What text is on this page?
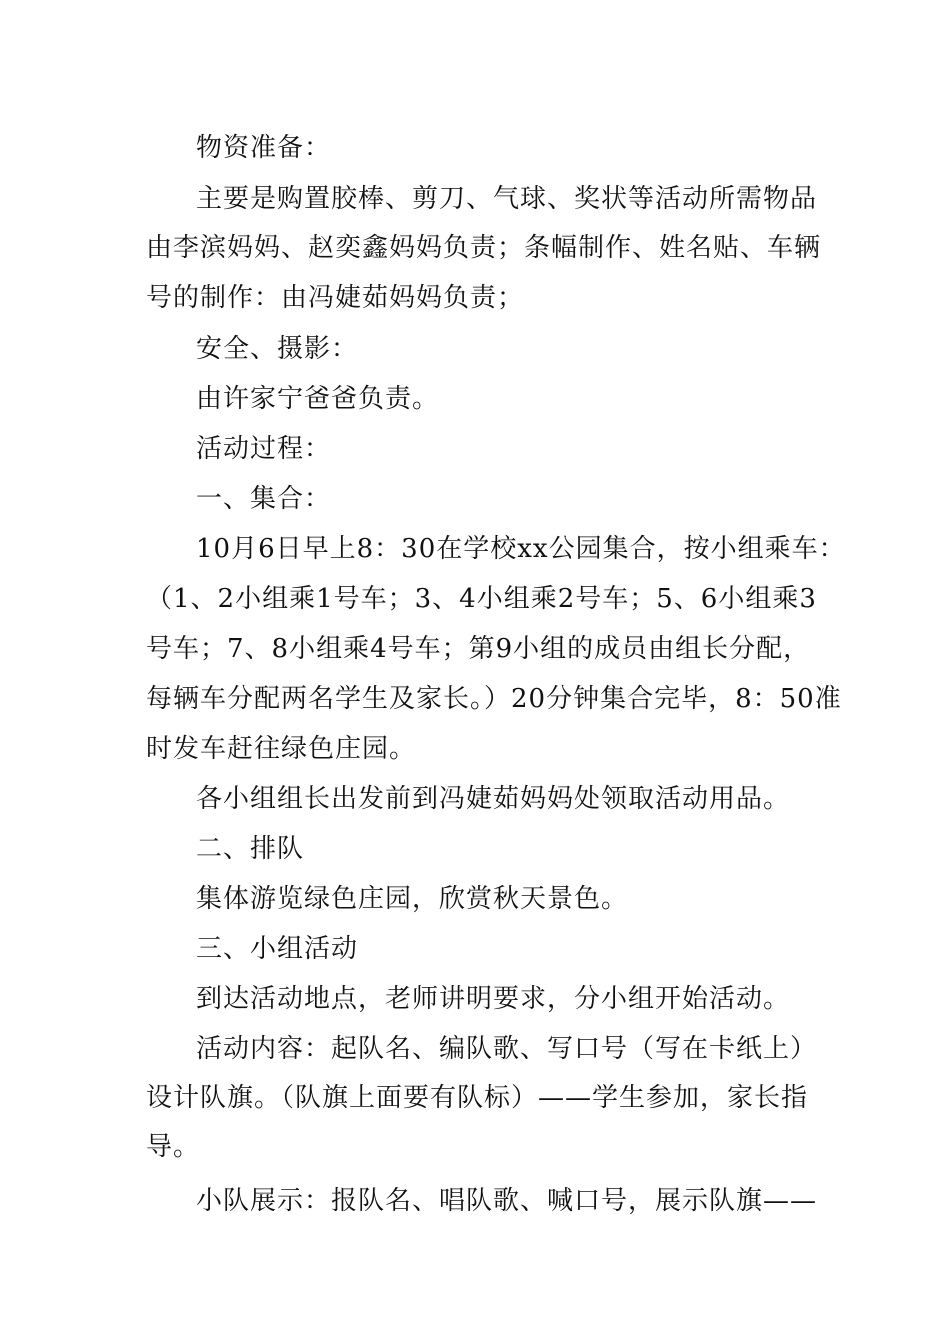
物资准备：
主要是购置胶棒、剪刀、气球、奖状等活动所需物品
由李滨妈妈、赵奕鑫妈妈负责；条幅制作、姓名贴、车辆
号的制作：由冯婕茹妈妈负责；
安全、摄影：
由许家宁爸爸负责。
活动过程：
一、集合：
10月6日早上8：30在学校xx公园集合，按小组乘车：
（1、2小组乘1号车；3、4小组乘2号车；5、6小组乘3
号车；7、8小组乘4号车；第9小组的成员由组长分配，
每辆车分配两名学生及家长。）20分钟集合完毕，8：50准
时发车赶往绿色庄园。
各小组组长出发前到冯婕茹妈妈处领取活动用品。
二、排队
集体游览绿色庄园，欣赏秋天景色。
三、小组活动
到达活动地点，老师讲明要求，分小组开始活动。
活动内容：起队名、编队歌、写口号（写在卡纸上）
设计队旗。（队旗上面要有队标）——学生参加，家长指
导。
小队展示：报队名、唱队歌、喊口号，展示队旗——
